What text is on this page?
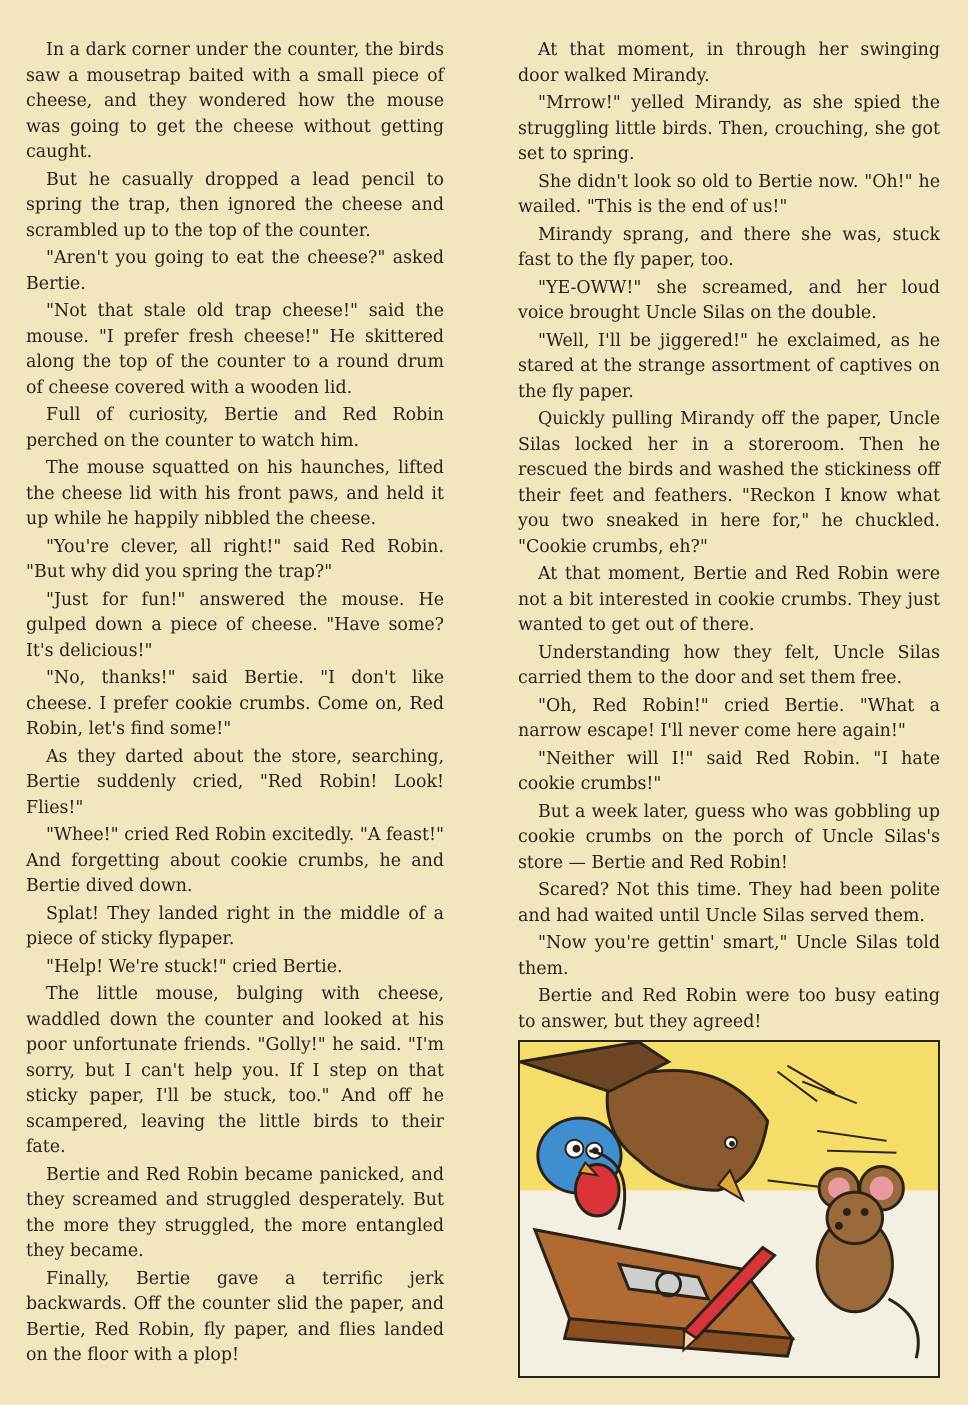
In a dark corner under the counter, the birds saw a mousetrap baited with a small piece of cheese, and they wondered how the mouse was going to get the cheese without getting caught.

But he casually dropped a lead pencil to spring the trap, then ignored the cheese and scrambled up to the top of the counter.

"Aren't you going to eat the cheese?" asked Bertie.

"Not that stale old trap cheese!" said the mouse. "I prefer fresh cheese!" He skittered along the top of the counter to a round drum of cheese covered with a wooden lid.

Full of curiosity, Bertie and Red Robin perched on the counter to watch him.

The mouse squatted on his haunches, lifted the cheese lid with his front paws, and held it up while he happily nibbled the cheese.

"You're clever, all right!" said Red Robin. "But why did you spring the trap?"

"Just for fun!" answered the mouse. He gulped down a piece of cheese. "Have some? It's delicious!"

"No, thanks!" said Bertie. "I don't like cheese. I prefer cookie crumbs. Come on, Red Robin, let's find some!"

As they darted about the store, searching, Bertie suddenly cried, "Red Robin! Look! Flies!"

"Whee!" cried Red Robin excitedly. "A feast!" And forgetting about cookie crumbs, he and Bertie dived down.

Splat! They landed right in the middle of a piece of sticky flypaper.

"Help! We're stuck!" cried Bertie.

The little mouse, bulging with cheese, waddled down the counter and looked at his poor unfortunate friends. "Golly!" he said. "I'm sorry, but I can't help you. If I step on that sticky paper, I'll be stuck, too." And off he scampered, leaving the little birds to their fate.

Bertie and Red Robin became panicked, and they screamed and struggled desperately. But the more they struggled, the more entangled they became.

Finally, Bertie gave a terrific jerk backwards. Off the counter slid the paper, and Bertie, Red Robin, fly paper, and flies landed on the floor with a plop!

At that moment, in through her swinging door walked Mirandy.

"Mrrow!" yelled Mirandy, as she spied the struggling little birds. Then, crouching, she got set to spring.

She didn't look so old to Bertie now. "Oh!" he wailed. "This is the end of us!"

Mirandy sprang, and there she was, stuck fast to the fly paper, too.

"YE-OWW!" she screamed, and her loud voice brought Uncle Silas on the double.

"Well, I'll be jiggered!" he exclaimed, as he stared at the strange assortment of captives on the fly paper.

Quickly pulling Mirandy off the paper, Uncle Silas locked her in a storeroom. Then he rescued the birds and washed the stickiness off their feet and feathers. "Reckon I know what you two sneaked in here for," he chuckled. "Cookie crumbs, eh?"

At that moment, Bertie and Red Robin were not a bit interested in cookie crumbs. They just wanted to get out of there.

Understanding how they felt, Uncle Silas carried them to the door and set them free.

"Oh, Red Robin!" cried Bertie. "What a narrow escape! I'll never come here again!"

"Neither will I!" said Red Robin. "I hate cookie crumbs!"

But a week later, guess who was gobbling up cookie crumbs on the porch of Uncle Silas's store — Bertie and Red Robin!

Scared? Not this time. They had been polite and had waited until Uncle Silas served them.

"Now you're gettin' smart," Uncle Silas told them.

Bertie and Red Robin were too busy eating to answer, but they agreed!
